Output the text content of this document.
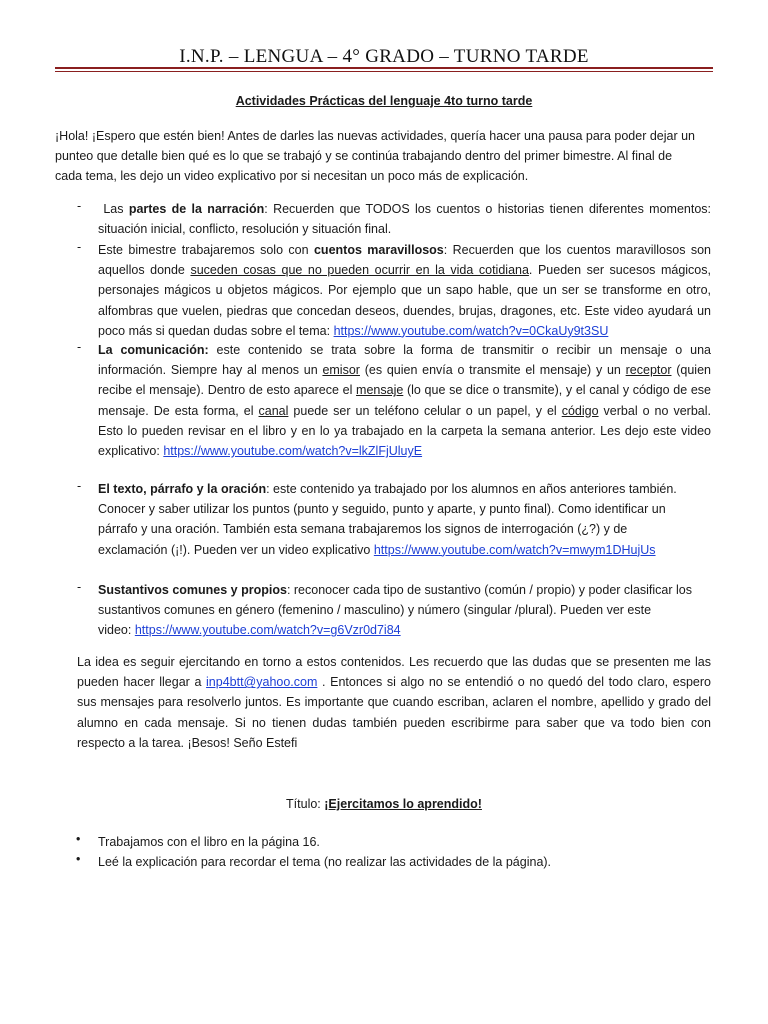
I.N.P. – LENGUA – 4° GRADO – TURNO TARDE
Actividades Prácticas del lenguaje 4to turno tarde
¡Hola! ¡Espero que estén bien! Antes de darles las nuevas actividades, quería hacer una pausa para poder dejar un
punteo que detalle bien qué es lo que se trabajó y se continúa trabajando dentro del primer bimestre. Al final de
cada tema, les dejo un video explicativo por si necesitan un poco más de explicación.
-	Las partes de la narración: Recuerden que TODOS los cuentos o historias tienen diferentes momentos:
situación inicial, conflicto, resolución y situación final.
- Este bimestre trabajaremos solo con cuentos maravillosos: Recuerden que los cuentos maravillosos son
aquellos donde suceden cosas que no pueden ocurrir en la vida cotidiana. Pueden ser sucesos mágicos,
personajes mágicos u objetos mágicos. Por ejemplo que un sapo hable, que un ser se transforme en otro,
alfombras que vuelen, piedras que concedan deseos, duendes, brujas, dragones, etc. Este video ayudará un
poco más si quedan dudas sobre el tema: https://www.youtube.com/watch?v=0CkaUy9t3SU
- La comunicación: este contenido se trata sobre la forma de transmitir o recibir un mensaje o una
información. Siempre hay al menos un emisor (es quien envía o transmite el mensaje) y un receptor (quien
recibe el mensaje). Dentro de esto aparece el mensaje (lo que se dice o transmite), y el canal y código de ese
mensaje. De esta forma, el canal puede ser un teléfono celular o un papel, y el código verbal o no verbal.
Esto lo pueden revisar en el libro y en lo ya trabajado en la carpeta la semana anterior. Les dejo este video
explicativo: https://www.youtube.com/watch?v=lkZlFjUluyE
- El texto, párrafo y la oración: este contenido ya trabajado por los alumnos en años anteriores también.
Conocer y saber utilizar los puntos (punto y seguido, punto y aparte, y punto final). Como identificar un
párrafo y una oración. También esta semana trabajaremos los signos de interrogación (¿?) y de
exclamación (¡!). Pueden ver un video explicativo https://www.youtube.com/watch?v=mwym1DHujUs
- Sustantivos comunes y propios: reconocer cada tipo de sustantivo (común / propio) y poder clasificar los
sustantivos comunes en género (femenino / masculino) y número (singular /plural). Pueden ver este
video: https://www.youtube.com/watch?v=g6Vzr0d7i84
La idea es seguir ejercitando en torno a estos contenidos. Les recuerdo que las dudas que se presenten me las
pueden hacer llegar a inp4btt@yahoo.com . Entonces si algo no se entendió o no quedó del todo claro, espero
sus mensajes para resolverlo juntos. Es importante que cuando escriban, aclaren el nombre, apellido y grado del
alumno en cada mensaje. Si no tienen dudas también pueden escribirme para saber que va todo bien con
respecto a la tarea. ¡Besos! Seño Estefi
Título: ¡Ejercitamos lo aprendido!
• Trabajamos con el libro en la página 16.
• Leé la explicación para recordar el tema (no realizar las actividades de la página).
